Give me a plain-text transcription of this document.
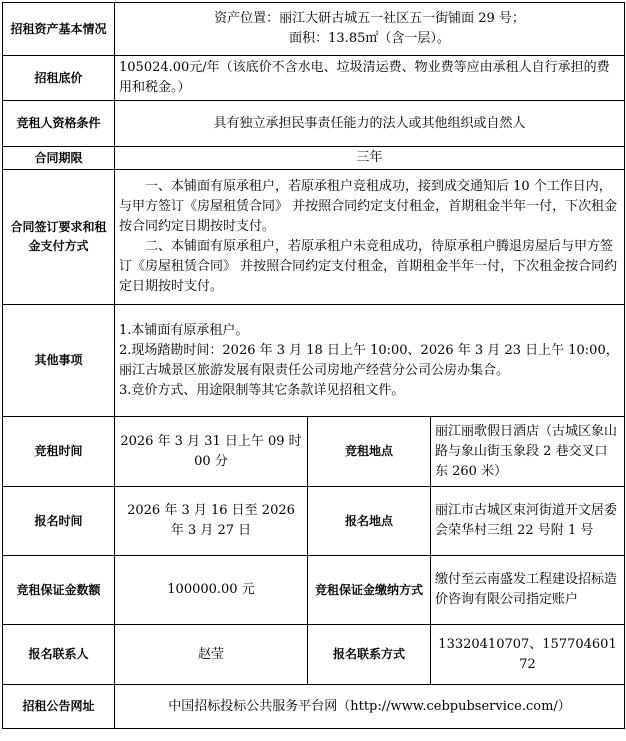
招租资产基本情况	资产位置：丽江大研古城五一社区五一街铺面 29 号；
面积：13.85㎡（含一层）。		

招租底价	105024.00元/年（该底价不含水电、垃圾清运费、物业费等应由承租人自行承担的费用和税金。）		
竞租人资格条件	具有独立承担民事责任能力的法人或其他组织或自然人		
合同期限	三年		
合同签订要求和租金支付方式	一、本铺面有原承租户，若原承租户竞租成功，接到成交通知后 10 个工作日内，与甲方签订《房屋租赁合同》 并按照合同约定支付租金，首期租金半年一付，下次租金按合同约定日期按时支付。
二、本铺面有原承租户，若原承租户未竞租成功，待原承租户腾退房屋后与甲方签订《房屋租赁合同》 并按照合同约定支付租金，首期租金半年一付，下次租金按合同约定日期按时支付。		

其他事项	1.本铺面有原承租户。
2.现场踏勘时间：2026 年 3 月 18 日上午 10:00、2026 年 3 月 23 日上午 10:00，丽江古城景区旅游发展有限责任公司房地产经营分公司公房办集合。
3.竞价方式、用途限制等其它条款详见招租文件。		

竞租时间	2026 年 3 月 31 日上午 09 时 00 分	竞租地点	丽江丽歌假日酒店（古城区象山路与象山街玉象段 2 巷交叉口东 260 米）
报名时间	2026 年 3 月 16 日至 2026 年 3 月 27 日	报名地点	丽江市古城区束河街道开文居委会荣华村三组 22 号附 1 号
竞租保证金数额	100000.00 元	竞租保证金缴纳方式	缴付至云南盛发工程建设招标造价咨询有限公司指定账户
报名联系人	赵莹	报名联系方式	13320410707、15770460172
招租公告网址	中国招标投标公共服务平台网（http://www.cebpubservice.com/）		
